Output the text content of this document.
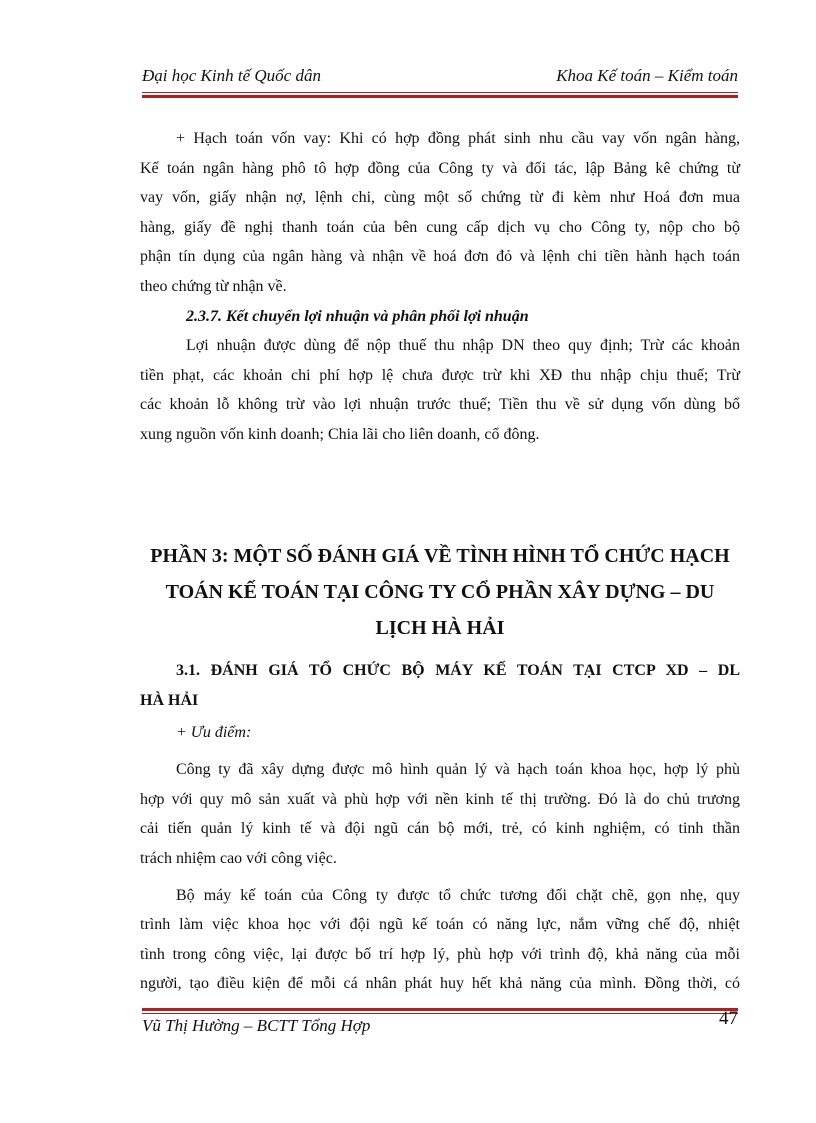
Đại học Kinh tế Quốc dân	Khoa Kế toán – Kiểm toán
+ Hạch toán vốn vay: Khi có hợp đồng phát sinh nhu cầu vay vốn ngân hàng,
Kế toán ngân hàng phô tô hợp đồng của Công ty và đối tác, lập Bảng kê chứng từ
vay vốn, giấy nhận nợ, lệnh chi, cùng một số chứng từ đi kèm như Hoá đơn mua
hàng, giấy đề nghị thanh toán của bên cung cấp dịch vụ cho Công ty, nộp cho bộ
phận tín dụng của ngân hàng và nhận về hoá đơn đỏ và lệnh chi tiền hành hạch toán
theo chứng từ nhận về.
2.3.7. Kết chuyển lợi nhuận và phân phối lợi nhuận
Lợi nhuận được dùng để nộp thuế thu nhập DN theo quy định; Trừ các khoản
tiền phạt, các khoản chi phí hợp lệ chưa được trừ khi XĐ thu nhập chịu thuế; Trừ
các khoản lỗ không trừ vào lợi nhuận trước thuế; Tiền thu về sử dụng vốn dùng bổ
xung nguồn vốn kinh doanh; Chia lãi cho liên doanh, cổ đông.
PHẦN 3: MỘT SỐ ĐÁNH GIÁ VỀ TÌNH HÌNH TỔ CHỨC HẠCH
TOÁN KẾ TOÁN TẠI CÔNG TY CỔ PHẦN XÂY DỰNG – DU
LỊCH HÀ HẢI
3.1. ĐÁNH GIÁ TỔ CHỨC BỘ MÁY KẾ TOÁN TẠI CTCP XD – DL
HÀ HẢI
+ Ưu điểm:
Công ty đã xây dựng được mô hình quản lý và hạch toán khoa học, hợp lý phù
hợp với quy mô sản xuất và phù hợp với nền kinh tế thị trường. Đó là do chủ trương
cải tiến quản lý kinh tế và đội ngũ cán bộ mới, trẻ, có kinh nghiệm, có tinh thần
trách nhiệm cao với công việc.
Bộ máy kế toán của Công ty được tổ chức tương đối chặt chẽ, gọn nhẹ, quy
trình làm việc khoa học với đội ngũ kế toán có năng lực, nắm vững chế độ, nhiệt
tình trong công việc, lại được bố trí hợp lý, phù hợp với trình độ, khả năng của mỗi
người, tạo điều kiện để mỗi cá nhân phát huy hết khả năng của mình. Đồng thời, có
Vũ Thị Hường – BCTT Tổng Hợp	47
